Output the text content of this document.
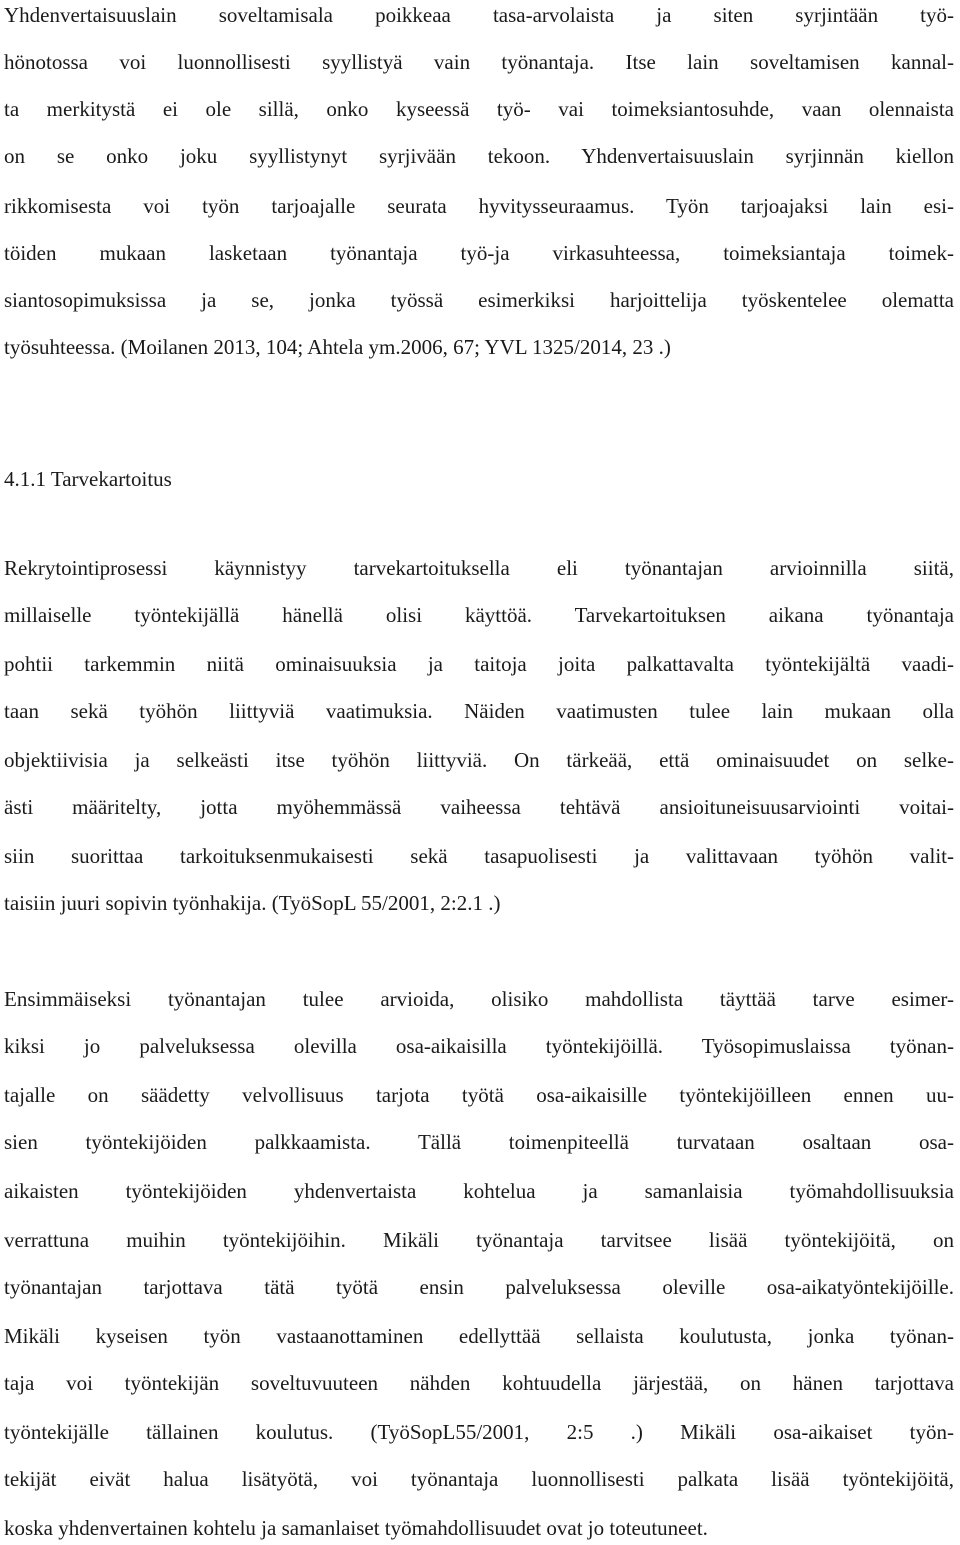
Yhdenvertaisuuslain soveltamisala poikkeaa tasa-arvolaista ja siten syrjintään työ-
hönotossa voi luonnollisesti syyllistyä vain työnantaja. Itse lain soveltamisen kannal-
ta merkitystä ei ole sillä, onko kyseessä työ- vai toimeksiantosuhde, vaan olennaista
on se onko joku syyllistynyt syrjivään tekoon. Yhdenvertaisuuslain syrjinnän kiellon
rikkomisesta voi työn tarjoajalle seurata hyvitysseuraamus. Työn tarjoajaksi lain esi-
töiden mukaan lasketaan työnantaja työ-ja virkasuhteessa, toimeksiantaja toimek-
siantosopimuksissa ja se, jonka työssä esimerkiksi harjoittelija työskentelee olematta
työsuhteessa. (Moilanen 2013, 104; Ahtela ym.2006, 67; YVL 1325/2014, 23 .)
4.1.1 Tarvekartoitus
Rekrytointiprosessi käynnistyy tarvekartoituksella eli työnantajan arvioinnilla siitä,
millaiselle työntekijällä hänellä olisi käyttöä. Tarvekartoituksen aikana työnantaja
pohtii tarkemmin niitä ominaisuuksia ja taitoja joita palkattavalta työntekijältä vaadi-
taan sekä työhön liittyviä vaatimuksia. Näiden vaatimusten tulee lain mukaan olla
objektiivisia ja selkeästi itse työhön liittyviä. On tärkeää, että ominaisuudet on selke-
ästi määritelty, jotta myöhemmässä vaiheessa tehtävä ansioituneisuusarviointi voitai-
siin suorittaa tarkoituksenmukaisesti sekä tasapuolisesti ja valittavaan työhön valit-
taisiin juuri sopivin työnhakija. (TyöSopL 55/2001, 2:2.1 .)
Ensimmäiseksi työnantajan tulee arvioida, olisiko mahdollista täyttää tarve esimer-
kiksi jo palveluksessa olevilla osa-aikaisilla työntekijöillä. Työsopimuslaissa työnan-
tajalle on säädetty velvollisuus tarjota työtä osa-aikaisille työntekijöilleen ennen uu-
sien työntekijöiden palkkaamista. Tällä toimenpiteellä turvataan osaltaan osa-
aikaisten työntekijöiden yhdenvertaista kohtelua ja samanlaisia työmahdollisuuksia
verrattuna muihin työntekijöihin. Mikäli työnantaja tarvitsee lisää työntekijöitä, on
työnantajan tarjottava tätä työtä ensin palveluksessa oleville osa-aikatyöntekijöille.
Mikäli kyseisen työn vastaanottaminen edellyttää sellaista koulutusta, jonka työnan-
taja voi työntekijän soveltuvuuteen nähden kohtuudella järjestää, on hänen tarjottava
työntekijälle tällainen koulutus. (TyöSopL55/2001, 2:5 .) Mikäli osa-aikaiset työn-
tekijät eivät halua lisätyötä, voi työnantaja luonnollisesti palkata lisää työntekijöitä,
koska yhdenvertainen kohtelu ja samanlaiset työmahdollisuudet ovat jo toteutuneet.
